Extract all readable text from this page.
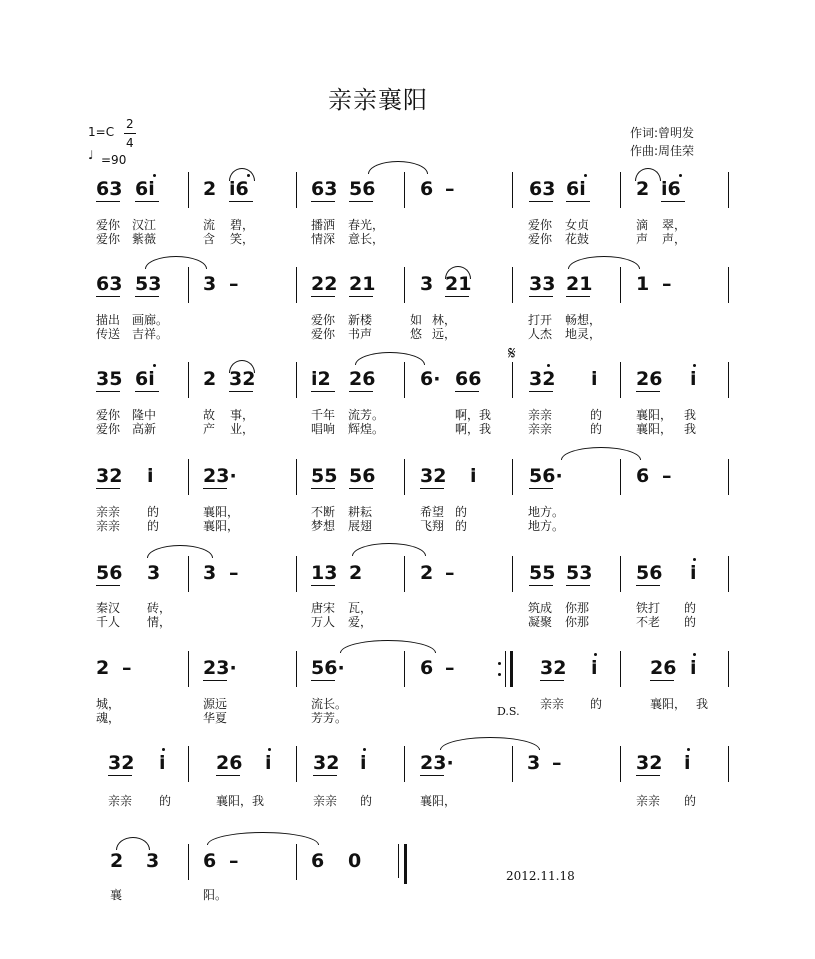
亲亲襄阳
1=C
2
4
♩ =90
作词:曾明发
作曲:周佳荣
63 6i	2 i6	63 56 6 –	63 6i	2 i6
63 53 3 –	22 21 3 21	33 21 1 –
35 6i	2 32	i2 26 6· 66	32 i 26 i
32 i	23·	55 56 32 i	56·	6 –
56 3 3 –	13 2	2 –	55 53 56 i
2 –	23·	56·	6 –	32 i	26 i
32 i	26 i 32 i	23·	3 –	32 i
2 3 6 –	6 0
爱你 汉江	流 碧，	播洒 春光，	爱你 女贞	滴 翠，
爱你 紫薇	含 笑，	情深 意长，	爱你 花鼓	声 声，
描出 画廊。	爱你 新楼	如 林，	打开 畅想，
传送 吉祥。	爱你 书声	悠 远，	人杰 地灵，
爱你 隆中	故 事，	千年 流芳。	啊，我	亲亲	的	襄阳， 我
爱你 高新	产 业，	唱响 辉煌。	啊，我	亲亲	的	襄阳， 我
亲亲 的	襄阳，	不断 耕耘	希望 的	地方。
亲亲 的	襄阳，	梦想 展翅	飞翔 的	地方。
秦汉 砖，	唐宋 瓦，	筑成 你那	铁打 的
千人 情，	万人 爱，	凝聚 你那	不老 的
城，	源远	流长。	亲亲 的	襄阳， 我
魂，	华夏	芳芳。
亲亲 的	襄阳，我	亲亲 的	襄阳，	亲亲 的
襄	阳。
𝄋
D.S.
2012.11.18
